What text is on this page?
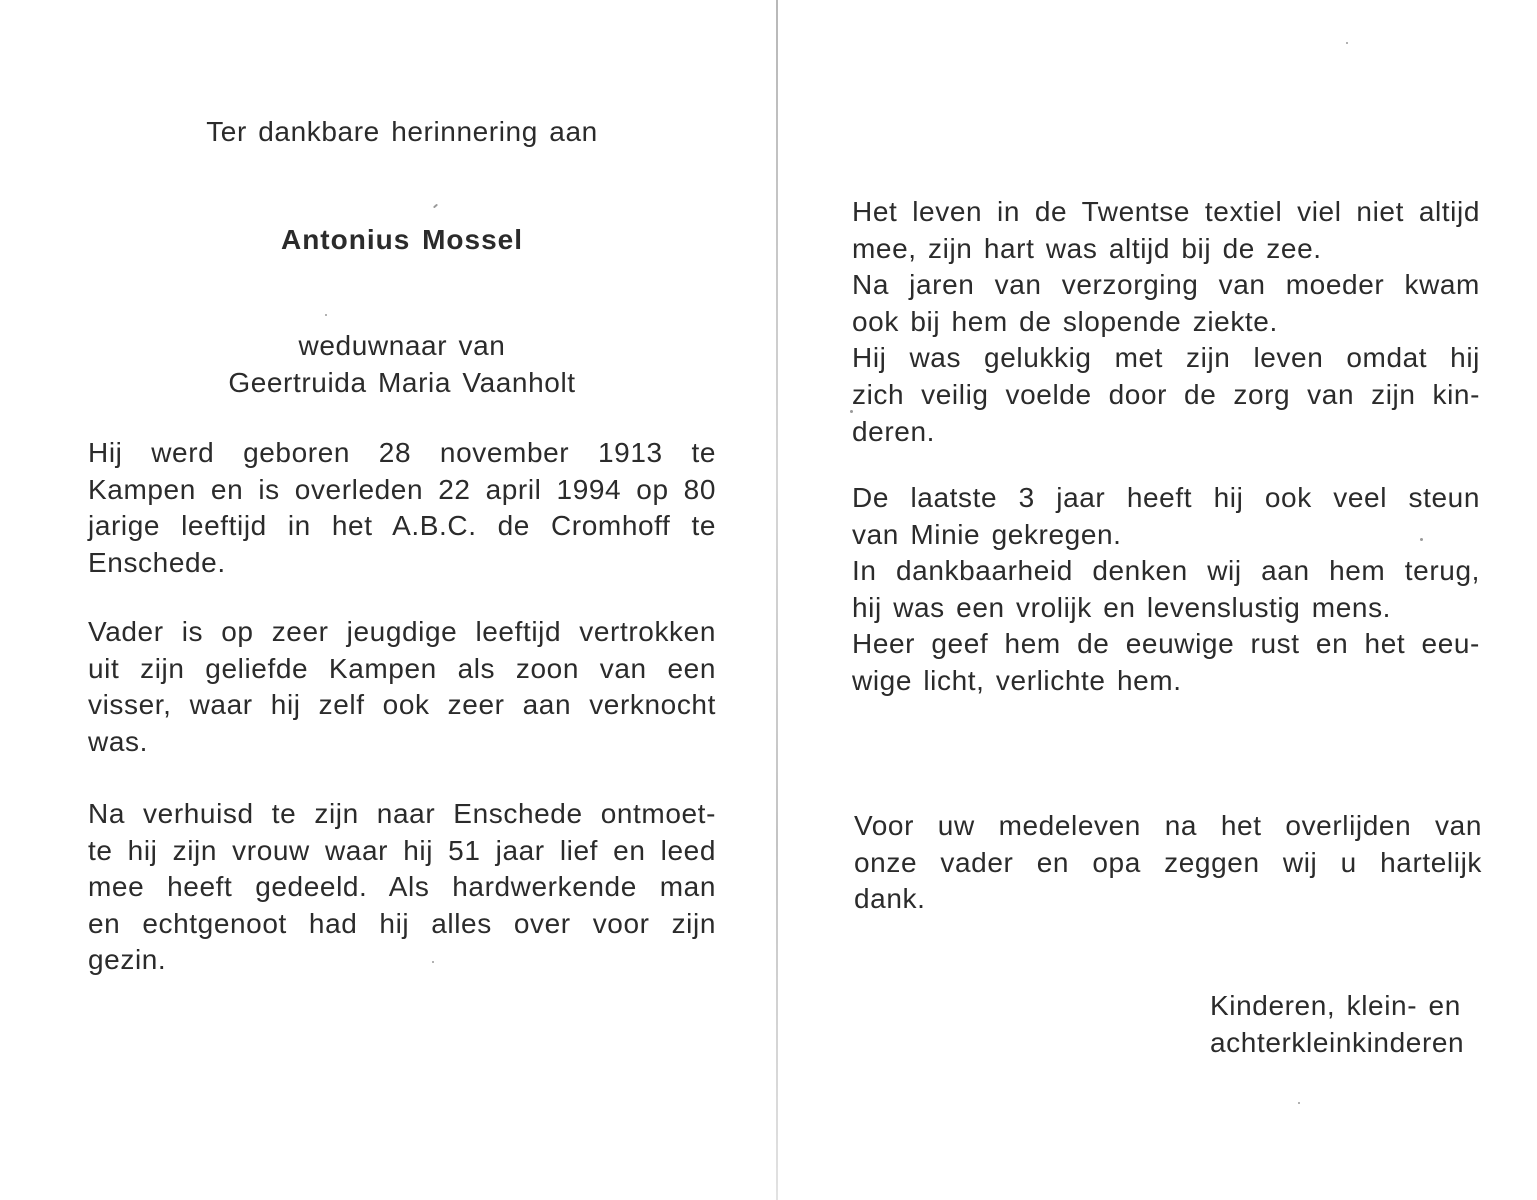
Ter dankbare herinnering aan
Antonius Mossel
weduwnaar van
Geertruida Maria Vaanholt
Hij werd geboren 28 november 1913 te
Kampen en is overleden 22 april 1994 op 80
jarige leeftijd in het A.B.C. de Cromhoff te
Enschede.
Vader is op zeer jeugdige leeftijd vertrokken
uit zijn geliefde Kampen als zoon van een
visser, waar hij zelf ook zeer aan verknocht
was.
Na verhuisd te zijn naar Enschede ontmoet-
te hij zijn vrouw waar hij 51 jaar lief en leed
mee heeft gedeeld. Als hardwerkende man
en echtgenoot had hij alles over voor zijn
gezin.
Het leven in de Twentse textiel viel niet altijd
mee, zijn hart was altijd bij de zee.
Na jaren van verzorging van moeder kwam
ook bij hem de slopende ziekte.
Hij was gelukkig met zijn leven omdat hij
zich veilig voelde door de zorg van zijn kin-
deren.
De laatste 3 jaar heeft hij ook veel steun
van Minie gekregen.
In dankbaarheid denken wij aan hem terug,
hij was een vrolijk en levenslustig mens.
Heer geef hem de eeuwige rust en het eeu-
wige licht, verlichte hem.
Voor uw medeleven na het overlijden van
onze vader en opa zeggen wij u hartelijk
dank.
Kinderen, klein- en
achterkleinkinderen
